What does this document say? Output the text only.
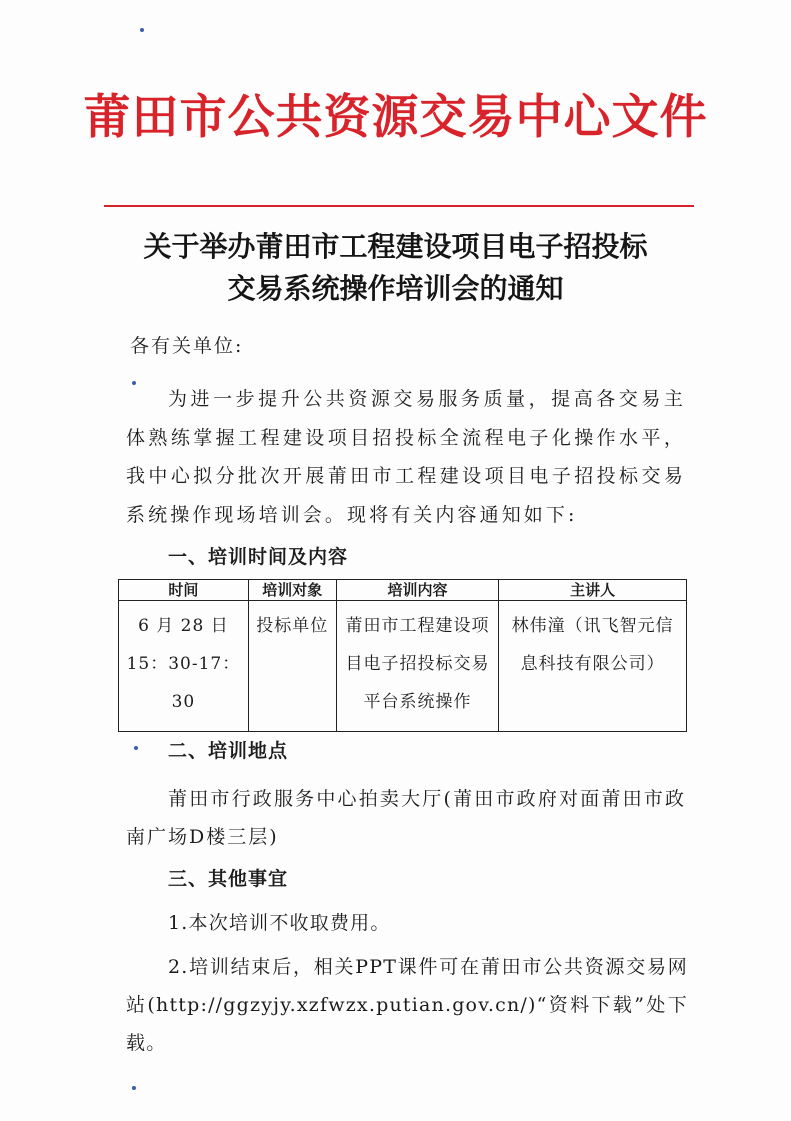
莆田市公共资源交易中心文件
关于举办莆田市工程建设项目电子招投标
交易系统操作培训会的通知
各有关单位:
为进一步提升公共资源交易服务质量，提高各交易主体熟练掌握工程建设项目招投标全流程电子化操作水平，我中心拟分批次开展莆田市工程建设项目电子招投标交易系统操作现场培训会。现将有关内容通知如下:
一、培训时间及内容
时间	培训对象	培训内容	主讲人

6 月 28 日
15：30-17：30	投标单位	莆田市工程建设项
目电子招投标交易
平台系统操作	林伟潼（讯飞智元信
息科技有限公司）
二、培训地点
莆田市行政服务中心拍卖大厅(莆田市政府对面莆田市政南广场D楼三层)
三、其他事宜
1.本次培训不收取费用。
2.培训结束后，相关PPT课件可在莆田市公共资源交易网站(http://ggzyjy.xzfwzx.putian.gov.cn/)“资料下载”处下载。
